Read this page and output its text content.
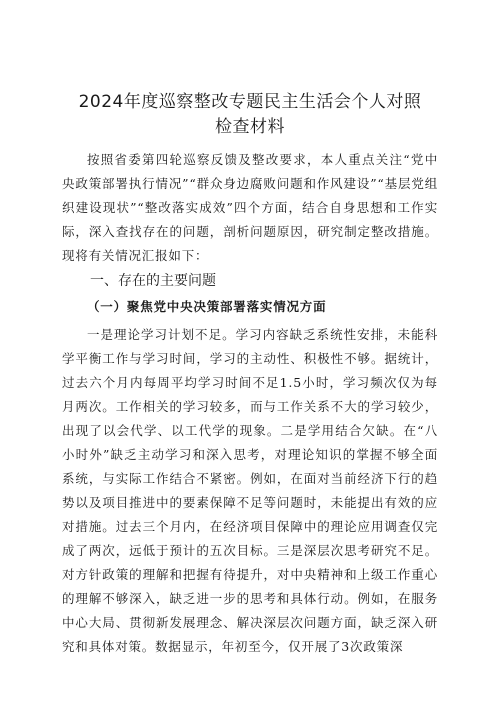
2024年度巡察整改专题民主生活会个人对照
检查材料

按照省委第四轮巡察反馈及整改要求，本人重点关注“党中央政策部署执行情况”“群众身边腐败问题和作风建设”“基层党组织建设现状”“整改落实成效”四个方面，结合自身思想和工作实际，深入查找存在的问题，剖析问题原因，研究制定整改措施。现将有关情况汇报如下：

一、存在的主要问题
（一）聚焦党中央决策部署落实情况方面

一是理论学习计划不足。学习内容缺乏系统性安排，未能科学平衡工作与学习时间，学习的主动性、积极性不够。据统计，过去六个月内每周平均学习时间不足1.5小时，学习频次仅为每月两次。工作相关的学习较多，而与工作关系不大的学习较少，出现了以会代学、以工代学的现象。二是学用结合欠缺。在“八小时外”缺乏主动学习和深入思考，对理论知识的掌握不够全面系统，与实际工作结合不紧密。例如，在面对当前经济下行的趋势以及项目推进中的要素保障不足等问题时，未能提出有效的应对措施。过去三个月内，在经济项目保障中的理论应用调查仅完成了两次，远低于预计的五次目标。三是深层次思考研究不足。对方针政策的理解和把握有待提升，对中央精神和上级工作重心的理解不够深入，缺乏进一步的思考和具体行动。例如，在服务中心大局、贯彻新发展理念、解决深层次问题方面，缺乏深入研究和具体对策。数据显示，年初至今，仅开展了3次政策深
